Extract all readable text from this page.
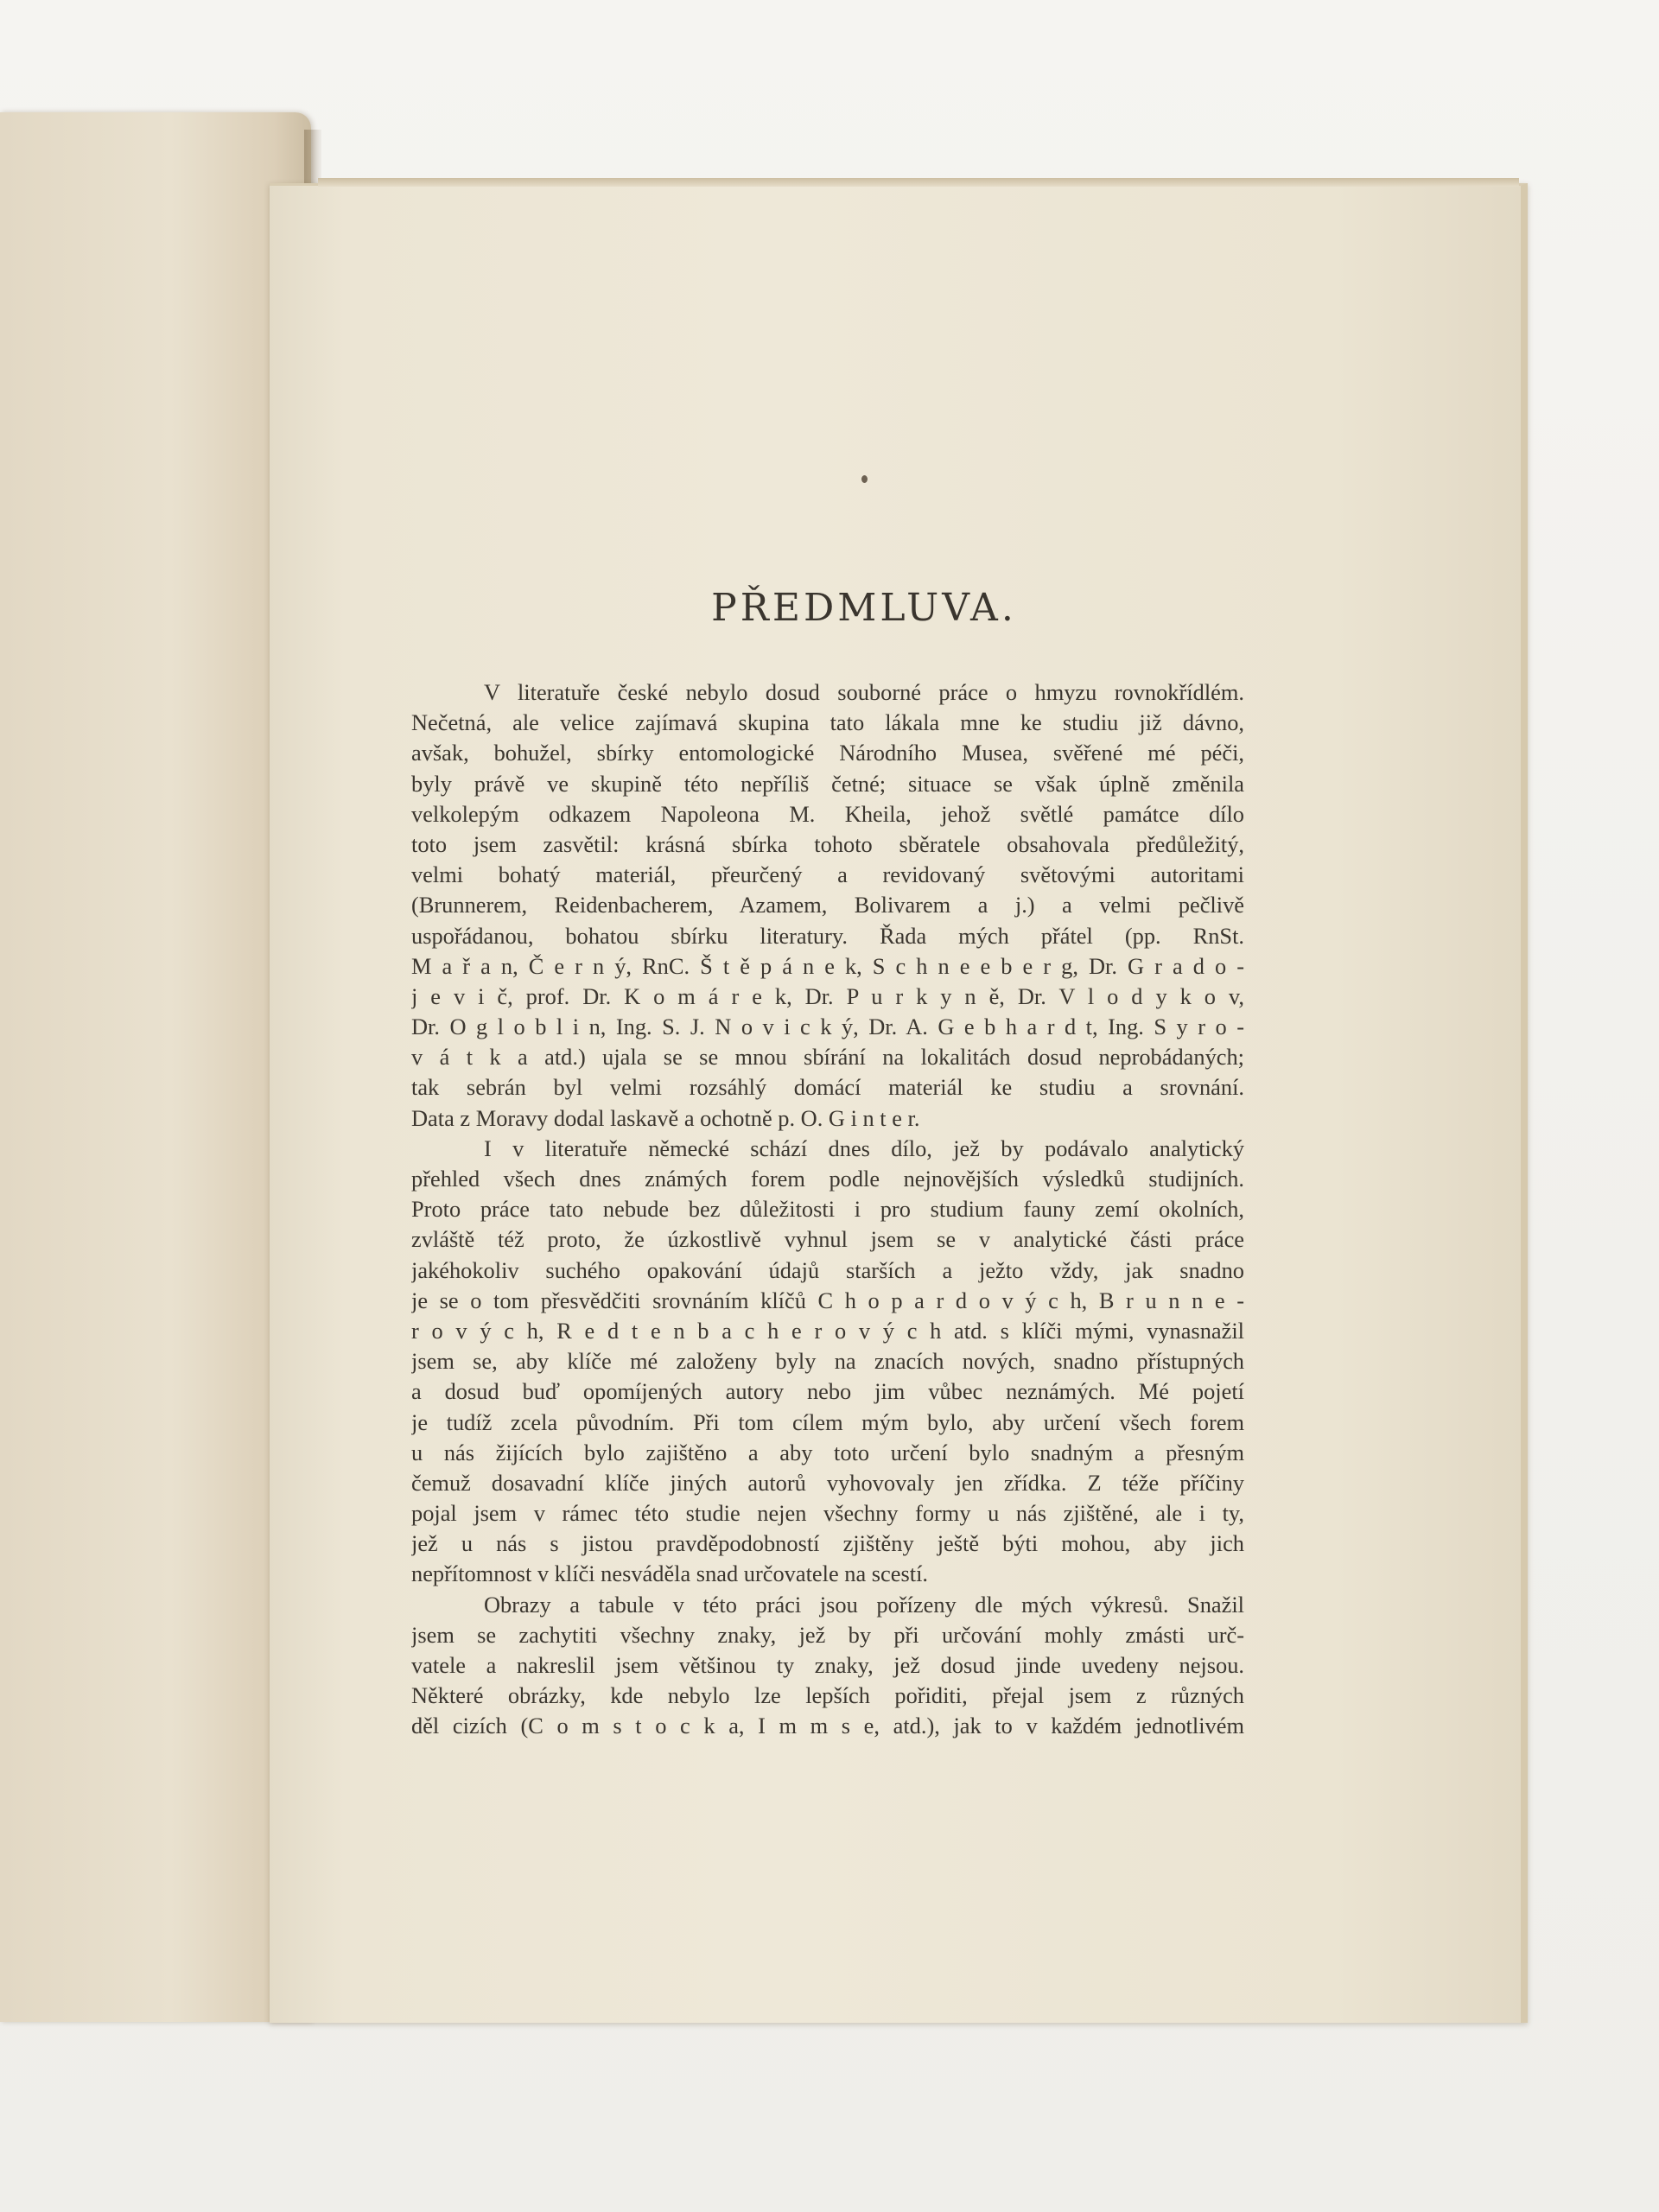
PŘEDMLUVA.
V literatuře české nebylo dosud souborné práce o hmyzu rovnokřídlém.
Nečetná, ale velice zajímavá skupina tato lákala mne ke studiu již dávno,
avšak, bohužel, sbírky entomologické Národního Musea, svěřené mé péči,
byly právě ve skupině této nepříliš četné; situace se však úplně změnila
velkolepým odkazem Napoleona M. Kheila, jehož světlé památce dílo
toto jsem zasvětil: krásná sbírka tohoto sběratele obsahovala předůležitý,
velmi bohatý materiál, přeurčený a revidovaný světovými autoritami
(Brunnerem, Reidenbacherem, Azamem, Bolivarem a j.) a velmi pečlivě
uspořádanou, bohatou sbírku literatury. Řada mých přátel (pp. RnSt.
M a ř a n, Č e r n ý, RnC. Š t ě p á n e k, S c h n e e b e r g, Dr. G r a d o -
j e v i č, prof. Dr. K o m á r e k, Dr. P u r k y n ě, Dr. V l o d y k o v,
Dr. O g l o b l i n, Ing. S. J. N o v i c k ý, Dr. A. G e b h a r d t, Ing. S y r o -
v á t k a atd.) ujala se se mnou sbírání na lokalitách dosud neprobádaných;
tak sebrán byl velmi rozsáhlý domácí materiál ke studiu a srovnání.
Data z Moravy dodal laskavě a ochotně p. O. G i n t e r.
I v literatuře německé schází dnes dílo, jež by podávalo analytický
přehled všech dnes známých forem podle nejnovějších výsledků studijních.
Proto práce tato nebude bez důležitosti i pro studium fauny zemí okolních,
zvláště též proto, že úzkostlivě vyhnul jsem se v analytické části práce
jakéhokoliv suchého opakování údajů starších a ježto vždy, jak snadno
je se o tom přesvědčiti srovnáním klíčů C h o p a r d o v ý c h, B r u n n e -
r o v ý c h, R e d t e n b a c h e r o v ý c h atd. s klíči mými, vynasnažil
jsem se, aby klíče mé založeny byly na znacích nových, snadno přístupných
a dosud buď opomíjených autory nebo jim vůbec neznámých. Mé pojetí
je tudíž zcela původním. Při tom cílem mým bylo, aby určení všech forem
u nás žijících bylo zajištěno a aby toto určení bylo snadným a přesným
čemuž dosavadní klíče jiných autorů vyhovovaly jen zřídka. Z téže příčiny
pojal jsem v rámec této studie nejen všechny formy u nás zjištěné, ale i ty,
jež u nás s jistou pravděpodobností zjištěny ještě býti mohou, aby jich
nepřítomnost v klíči nesváděla snad určovatele na scestí.
Obrazy a tabule v této práci jsou pořízeny dle mých výkresů. Snažil
jsem se zachytiti všechny znaky, jež by při určování mohly zmásti urč-
vatele a nakreslil jsem většinou ty znaky, jež dosud jinde uvedeny nejsou.
Některé obrázky, kde nebylo lze lepších pořiditi, přejal jsem z různých
děl cizích (C o m s t o c k a, I m m s e, atd.), jak to v každém jednotlivém
